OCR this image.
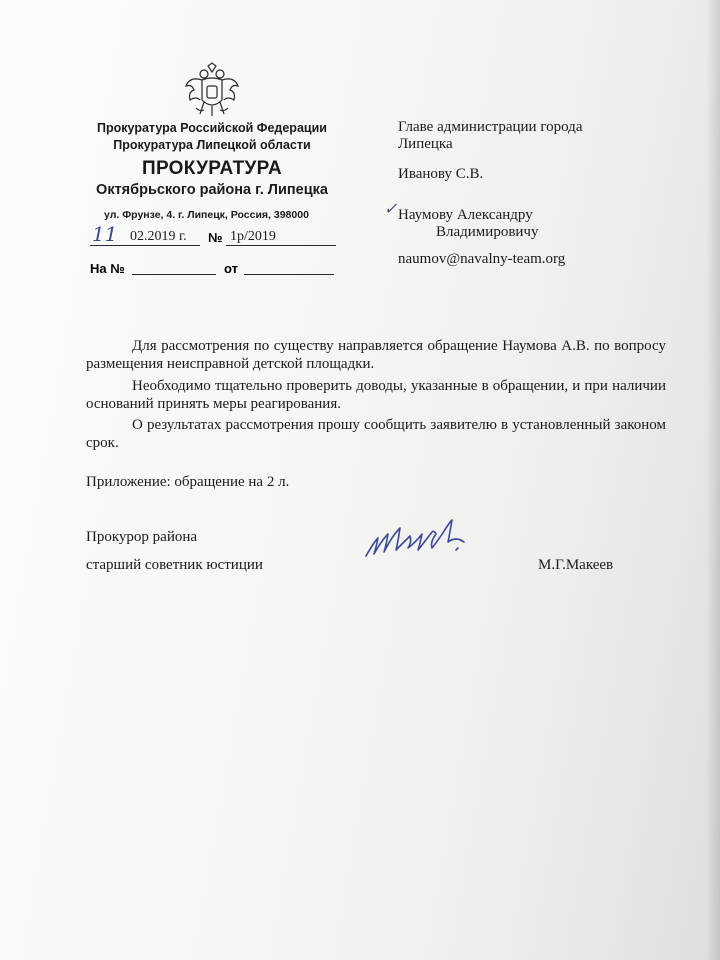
Прокуратура Российской Федерации
Прокуратура Липецкой области
ПРОКУРАТУРА
Октябрьского района г. Липецка
ул. Фрунзе, 4. г. Липецк, Россия, 398000
11 02.2019 г. № 1р/2019
На №	от
Главе администрации города
Липецка
Иванову С.В.
✓ Наумову Александру
Владимировичу
naumov@navalny-team.org
Для рассмотрения по существу направляется обращение Наумова А.В. по вопросу размещения неисправной детской площадки.
Необходимо тщательно проверить доводы, указанные в обращении, и при наличии оснований принять меры реагирования.
О результатах рассмотрения прошу сообщить заявителю в установленный законом срок.
Приложение: обращение на 2 л.
Прокурор района
старший советник юстиции	М.Г.Макеев
